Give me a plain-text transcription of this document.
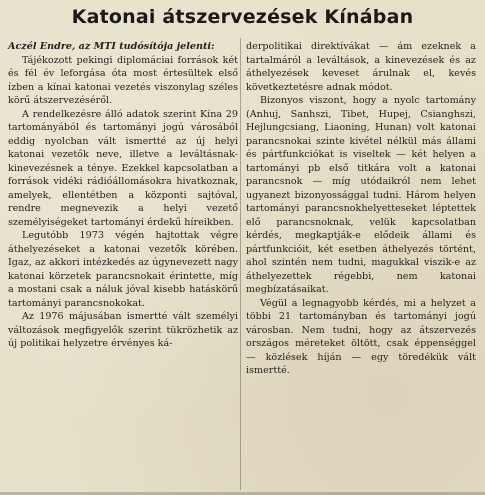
Katonai átszervezések Kínában

Aczél Endre, az MTI tudósítója jelenti:

Tájékozott pekingi diplomáciai források két és fél év leforgása óta most értesültek első ízben a kínai katonai vezetés viszonylag széles körű átszervezéséről.

A rendelkezésre álló adatok szerint Kína 29 tartományából és tartományi jogú városából eddig nyolcban vált ismertté az új helyi katonai vezetők neve, illetve a leváltásnak-kinevezésnek a ténye. Ezekkel kapcsolatban a források vidéki rádióállomásokra hivatkoznak, amelyek, ellentétben a központi sajtóval, rendre megnevezik a helyi vezető személyiségeket tartományi érdekű híreikben.

Legutóbb 1973 végén hajtottak végre áthelyezéseket a katonai vezetők körében. Igaz, az akkori intézkedés az úgynevezett nagy katonai körzetek parancsnokait érintette, míg a mostani csak a náluk jóval kisebb hatáskörű tartományi parancsnokokat.

Az 1976 májusában ismertté vált személyi változások megfigyelők szerint tükrözhetik az új politikai helyzetre érvényes ká-

derpolitikai direktívákat — ám ezeknek a tartalmáról a leváltások, a kinevezések és az áthelyezések keveset árulnak el, kevés következtetésre adnak módot.

Bizonyos viszont, hogy a nyolc tartomány (Anhuj, Sanhszi, Tibet, Hupej, Csianghszi, Hejlungcsiang, Liaoning, Hunan) volt katonai parancsnokai szinte kivétel nélkül más állami és pártfunkciókat is viseltek — két helyen a tartományi pb első titkára volt a katonai parancsnok — míg utódaikról nem lehet ugyanezt bizonyossággal tudni. Három helyen tartományi parancsnokhelyetteseket léptettek elő parancsnoknak, velük kapcsolatban kérdés, megkaptják-e elődeik állami és pártfunkcióit, két esetben áthelyezés történt, ahol szintén nem tudni, magukkal viszik-e az áthelyezettek régebbi, nem katonai megbízatásaikat.

Végül a legnagyobb kérdés, mi a helyzet a többi 21 tartományban és tartományi jogú városban. Nem tudni, hogy az átszervezés országos méreteket öltött, csak éppenséggel — közlések híján — egy töredékük vált ismertté.
